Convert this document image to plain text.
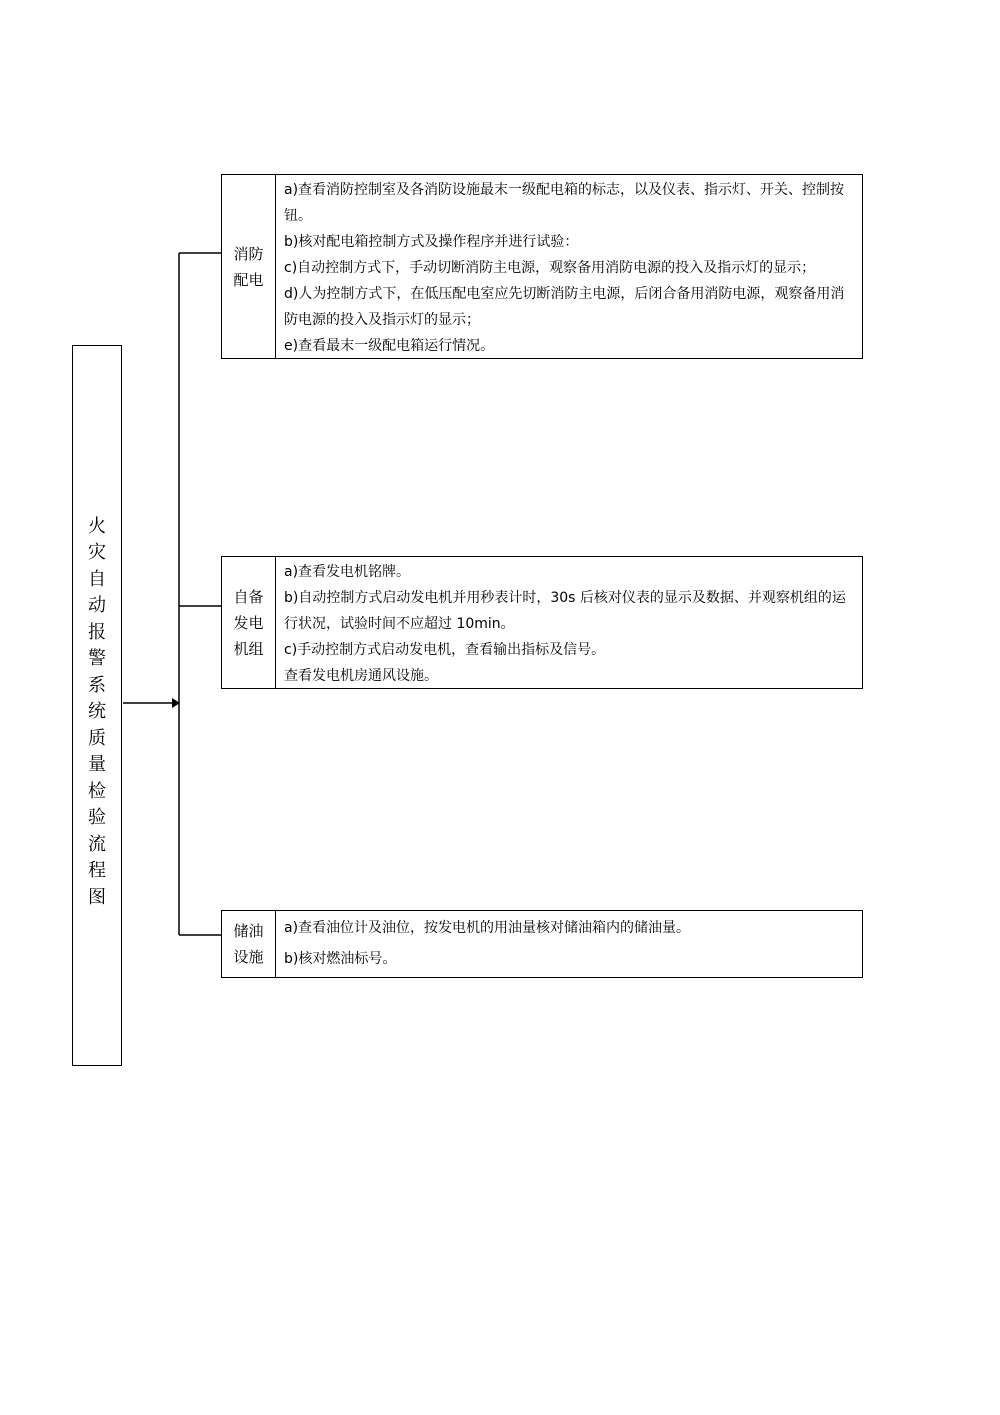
火灾自动报警系统质量检验流程图
消防配电

a)查看消防控制室及各消防设施最末一级配电箱的标志，以及仪表、指示灯、开关、控制按钮。

b)核对配电箱控制方式及操作程序并进行试验：

c)自动控制方式下，手动切断消防主电源，观察备用消防电源的投入及指示灯的显示；

d)人为控制方式下，在低压配电室应先切断消防主电源，后闭合备用消防电源，观察备用消防电源的投入及指示灯的显示；

e)查看最末一级配电箱运行情况。

自备发电机组

a)查看发电机铭牌。

b)自动控制方式启动发电机并用秒表计时，30s 后核对仪表的显示及数据、并观察机组的运行状况，试验时间不应超过 10min。

c)手动控制方式启动发电机，查看输出指标及信号。

查看发电机房通风设施。

储油设施

a)查看油位计及油位，按发电机的用油量核对储油箱内的储油量。

b)核对燃油标号。
